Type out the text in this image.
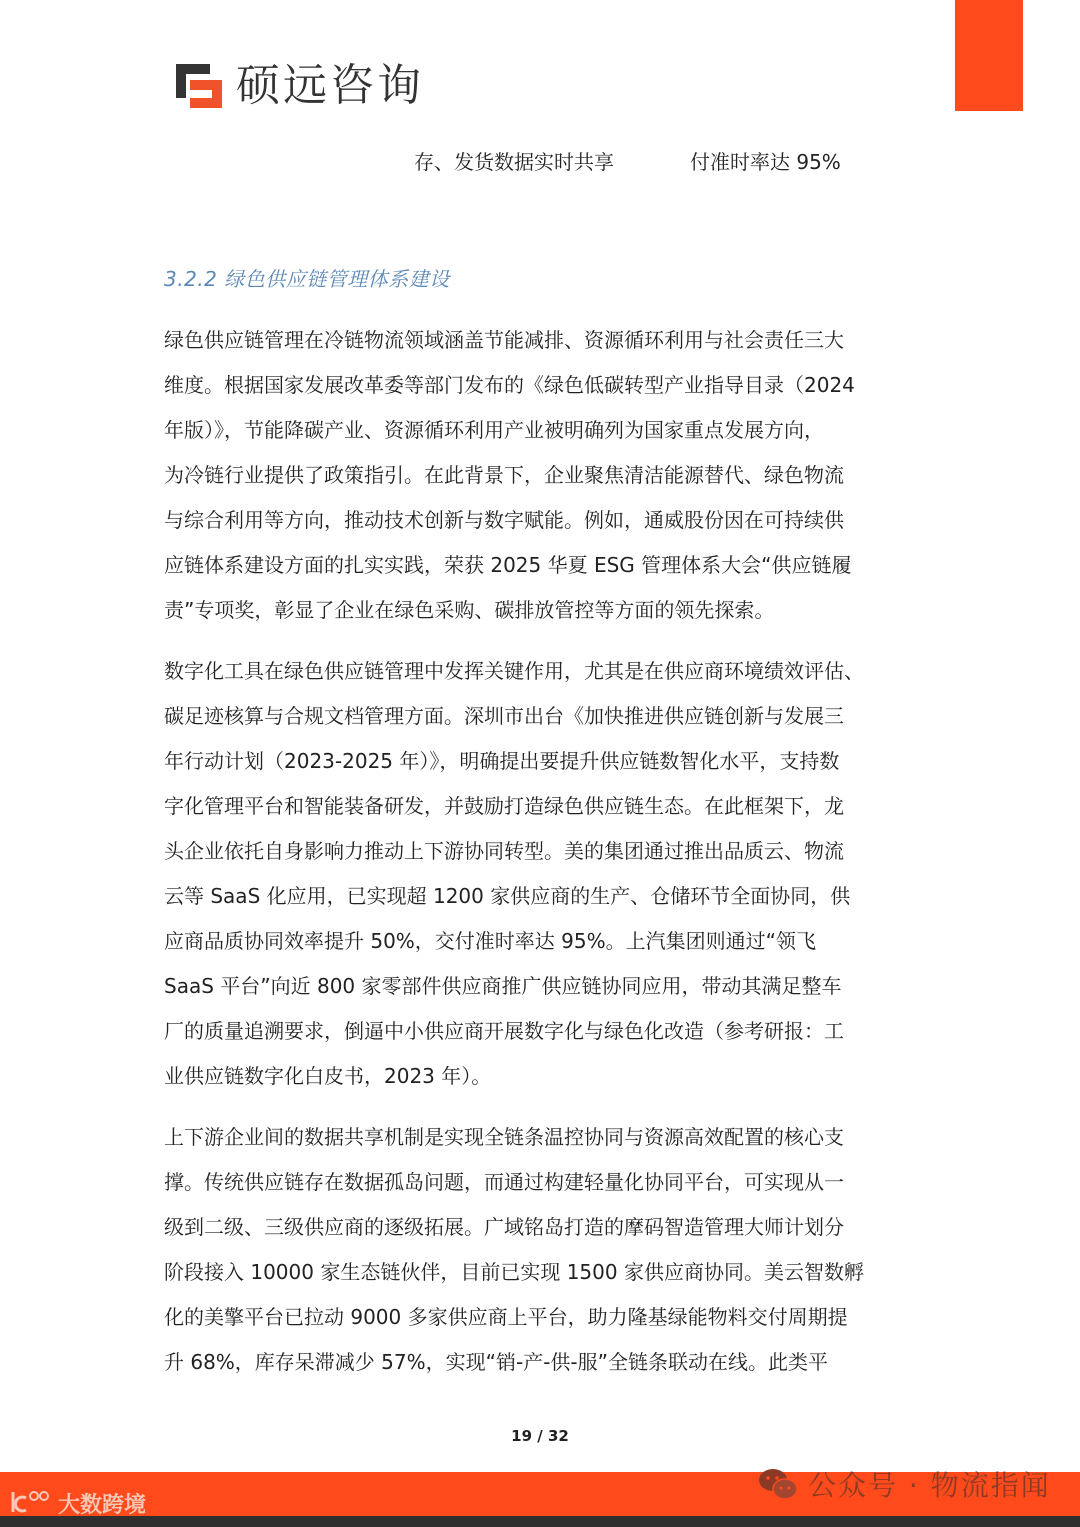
硕远咨询
存、发货数据实时共享	付准时率达 95%
3.2.2 绿色供应链管理体系建设
绿色供应链管理在冷链物流领域涵盖节能减排、资源循环利用与社会责任三大
维度。根据国家发展改革委等部门发布的《绿色低碳转型产业指导目录（2024
年版）》，节能降碳产业、资源循环利用产业被明确列为国家重点发展方向，
为冷链行业提供了政策指引。在此背景下，企业聚焦清洁能源替代、绿色物流
与综合利用等方向，推动技术创新与数字赋能。例如，通威股份因在可持续供
应链体系建设方面的扎实实践，荣获 2025 华夏 ESG 管理体系大会“供应链履
责”专项奖，彰显了企业在绿色采购、碳排放管控等方面的领先探索。
数字化工具在绿色供应链管理中发挥关键作用，尤其是在供应商环境绩效评估、
碳足迹核算与合规文档管理方面。深圳市出台《加快推进供应链创新与发展三
年行动计划（2023-2025 年）》，明确提出要提升供应链数智化水平，支持数
字化管理平台和智能装备研发，并鼓励打造绿色供应链生态。在此框架下，龙
头企业依托自身影响力推动上下游协同转型。美的集团通过推出品质云、物流
云等 SaaS 化应用，已实现超 1200 家供应商的生产、仓储环节全面协同，供
应商品质协同效率提升 50%，交付准时率达 95%。上汽集团则通过“领飞
SaaS 平台”向近 800 家零部件供应商推广供应链协同应用，带动其满足整车
厂的质量追溯要求，倒逼中小供应商开展数字化与绿色化改造（参考研报：工
业供应链数字化白皮书，2023 年）。
上下游企业间的数据共享机制是实现全链条温控协同与资源高效配置的核心支
撑。传统供应链存在数据孤岛问题，而通过构建轻量化协同平台，可实现从一
级到二级、三级供应商的逐级拓展。广域铭岛打造的摩码智造管理大师计划分
阶段接入 10000 家生态链伙伴，目前已实现 1500 家供应商协同。美云智数孵
化的美擎平台已拉动 9000 多家供应商上平台，助力隆基绿能物料交付周期提
升 68%，库存呆滞减少 57%，实现“销-产-供-服”全链条联动在线。此类平
19 / 32
大数跨境
公众号 · 物流指闻
